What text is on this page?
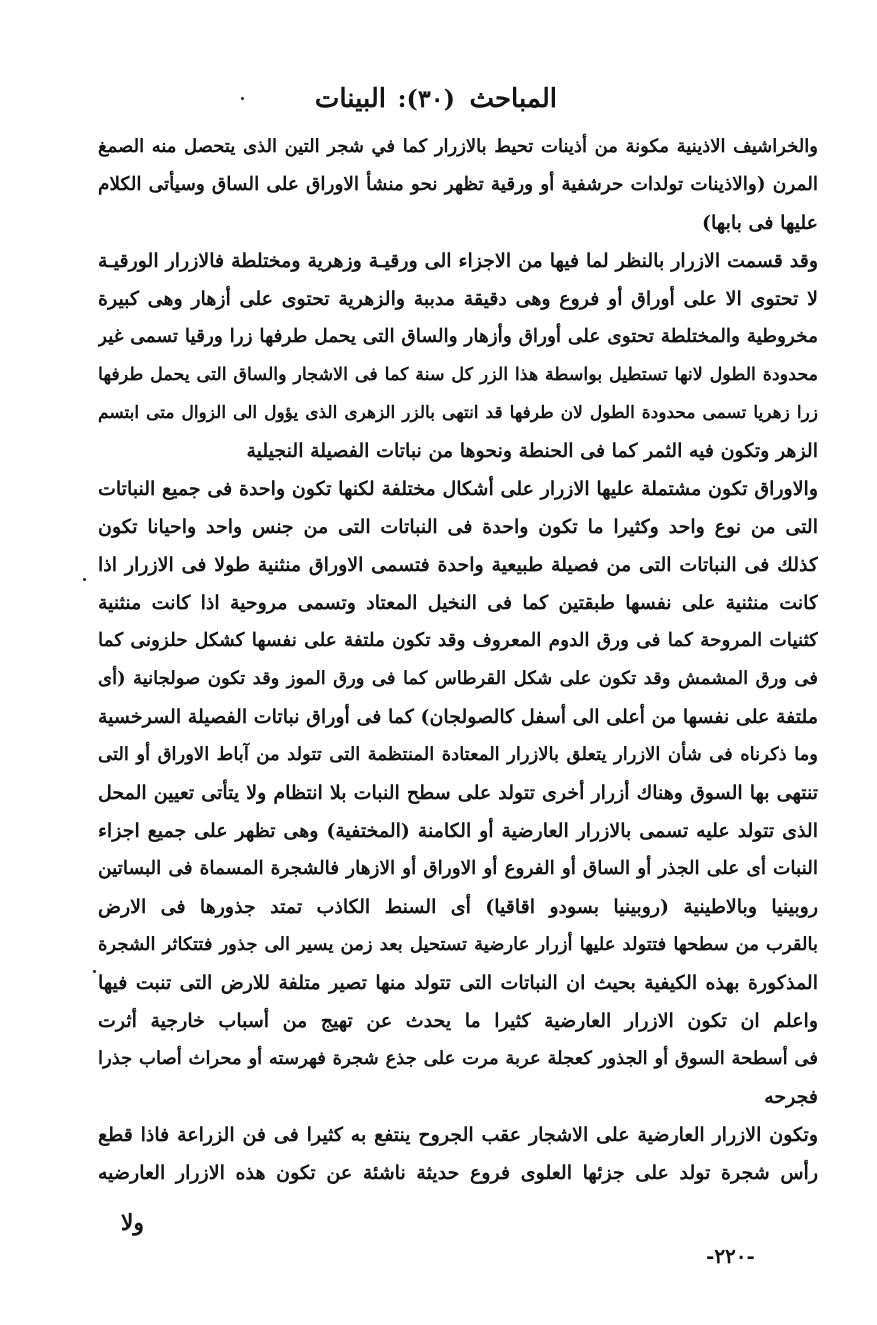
المباحث
:(٣٠)
البينات
والخراشيف الاذينية مكونة من أذينات تحيط بالازرار كما في شجر التين الذى يتحصل منه الصمغ
المرن (والاذينات تولدات حرشفية أو ورقية تظهر نحو منشأ الاوراق على الساق وسيأتى الكلام
عليها فى بابها)
وقد قسمت الازرار بالنظر لما فيها من الاجزاء الى ورقيـة وزهرية ومختلطة فالازرار الورقيـة
لا تحتوى الا على أوراق أو فروع وهى دقيقة مدببة والزهرية تحتوى على أزهار وهى كبيرة
مخروطية والمختلطة تحتوى على أوراق وأزهار والساق التى يحمل طرفها زرا ورقيا تسمى غير
محدودة الطول لانها تستطيل بواسطة هذا الزر كل سنة كما فى الاشجار والساق التى يحمل طرفها
زرا زهريا تسمى محدودة الطول لان طرفها قد انتهى بالزر الزهرى الذى يؤول الى الزوال متى ابتسم
الزهر وتكون فيه الثمر كما فى الحنطة ونحوها من نباتات الفصيلة النجيلية
والاوراق تكون مشتملة عليها الازرار على أشكال مختلفة لكنها تكون واحدة فى جميع النباتات
التى من نوع واحد وكثيرا ما تكون واحدة فى النباتات التى من جنس واحد واحيانا تكون
كذلك فى النباتات التى من فصيلة طبيعية واحدة فتسمى الاوراق منثنية طولا فى الازرار اذا
كانت منثنية على نفسها طبقتين كما فى النخيل المعتاد وتسمى مروحية اذا كانت منثنية
كثنيات المروحة كما فى ورق الدوم المعروف وقد تكون ملتفة على نفسها كشكل حلزونى كما
فى ورق المشمش وقد تكون على شكل القرطاس كما فى ورق الموز وقد تكون صولجانية (أى
ملتفة على نفسها من أعلى الى أسفل كالصولجان) كما فى أوراق نباتات الفصيلة السرخسية
وما ذكرناه فى شأن الازرار يتعلق بالازرار المعتادة المنتظمة التى تتولد من آباط الاوراق أو التى
تنتهى بها السوق وهناك أزرار أخرى تتولد على سطح النبات بلا انتظام ولا يتأتى تعيين المحل
الذى تتولد عليه تسمى بالازرار العارضية أو الكامنة (المختفية) وهى تظهر على جميع اجزاء
النبات أى على الجذر أو الساق أو الفروع أو الاوراق أو الازهار فالشجرة المسماة فى البساتين
روبينيا وبالاطينية (روبينيا بسودو اقاقيا) أى السنط الكاذب تمتد جذورها فى الارض
بالقرب من سطحها فتتولد عليها أزرار عارضية تستحيل بعد زمن يسير الى جذور فتتكاثر الشجرة
المذكورة بهذه الكيفية بحيث ان النباتات التى تتولد منها تصير متلفة للارض التى تنبت فيها
واعلم ان تكون الازرار العارضية كثيرا ما يحدث عن تهيج من أسباب خارجية أثرت
فى أسطحة السوق أو الجذور كعجلة عربة مرت على جذع شجرة فهرسته أو محراث أصاب جذرا
فجرحه
وتكون الازرار العارضية على الاشجار عقب الجروح ينتفع به كثيرا فى فن الزراعة فاذا قطع
رأس شجرة تولد على جزئها العلوى فروع حديثة ناشئة عن تكون هذه الازرار العارضيه
ولا
-٢٢٠-
